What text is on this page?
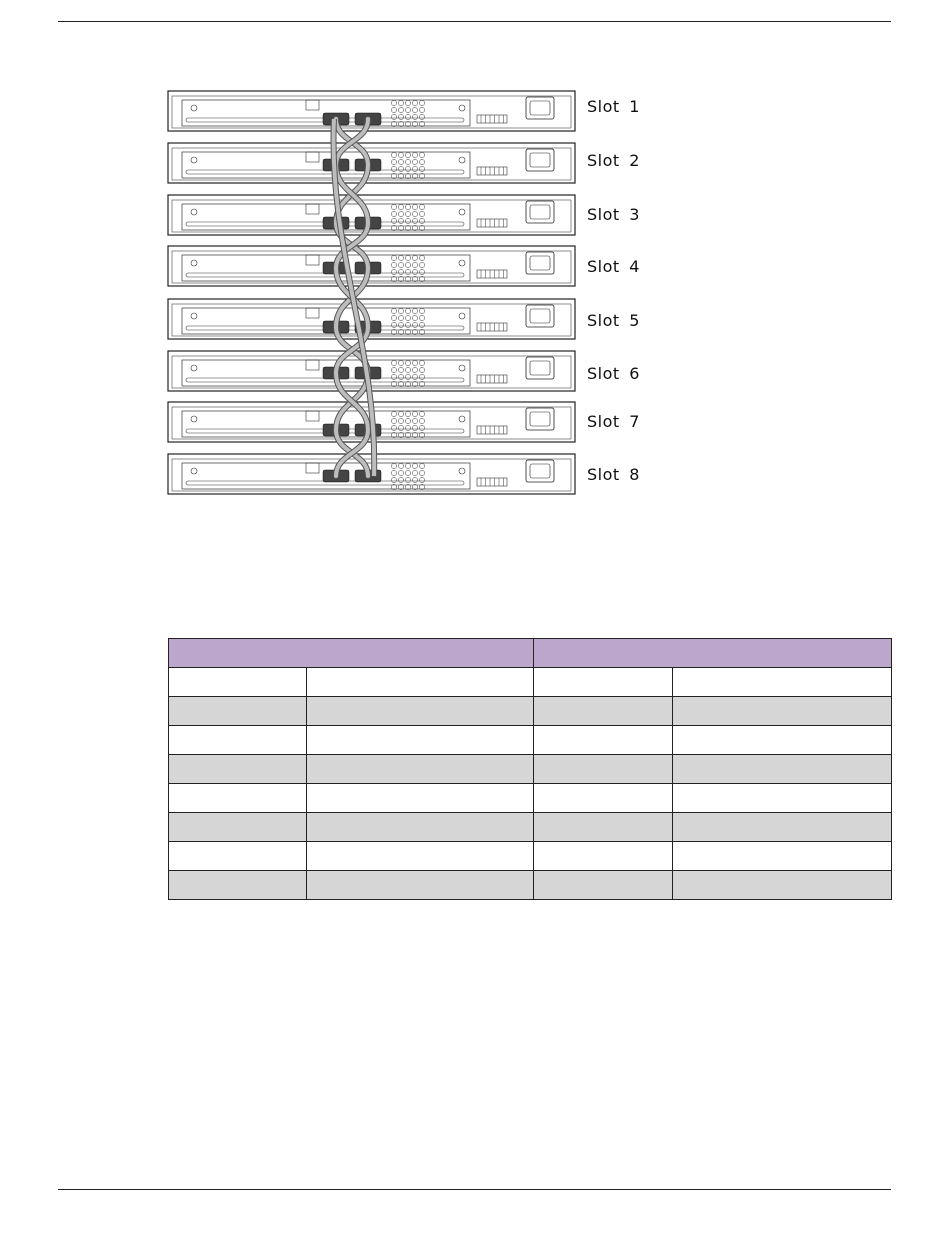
Slot 1
Slot 2
Slot 3
Slot 4
Slot 5
Slot 6
Slot 7
Slot 8
